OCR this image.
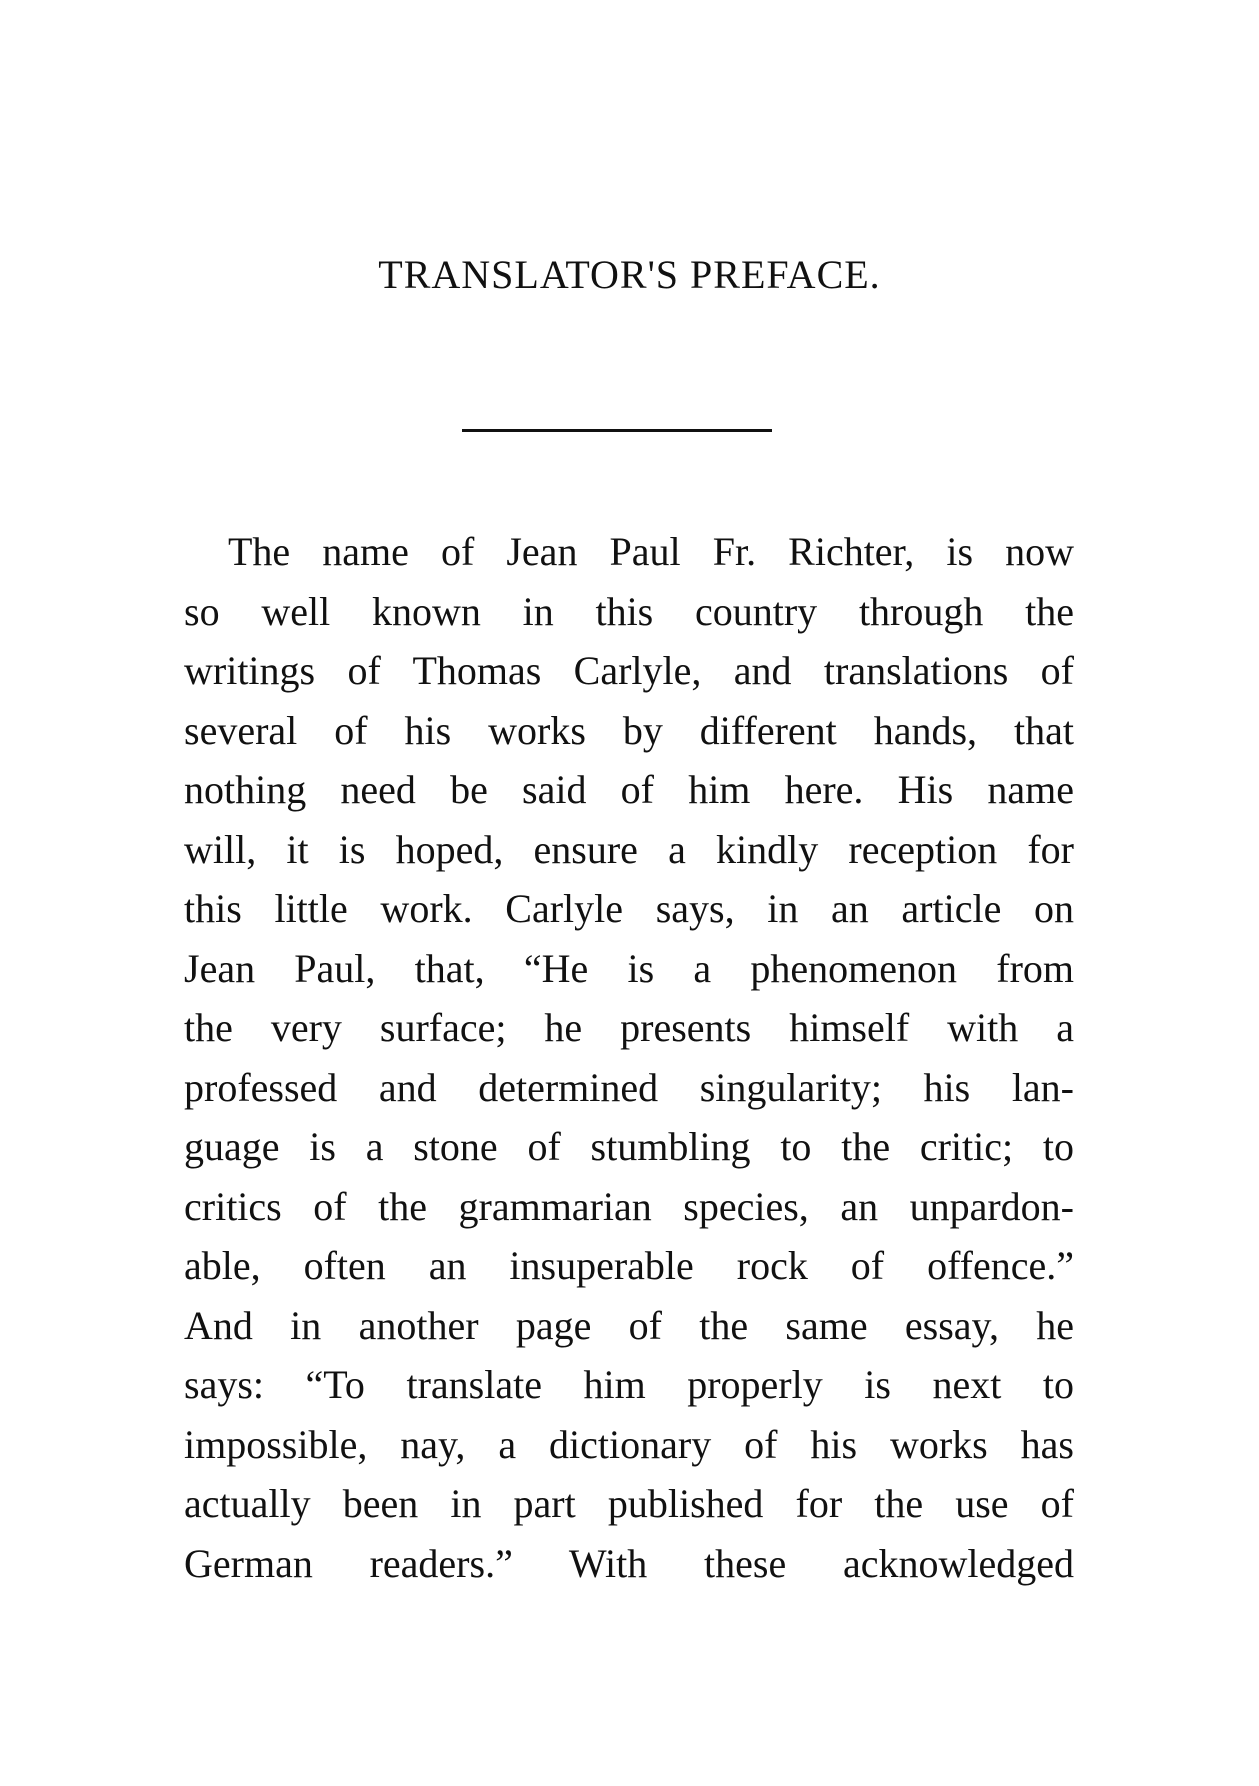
TRANSLATOR'S PREFACE.
The name of Jean Paul Fr. Richter, is now
so well known in this country through the
writings of Thomas Carlyle, and translations of
several of his works by different hands, that
nothing need be said of him here. His name
will, it is hoped, ensure a kindly reception for
this little work. Carlyle says, in an article on
Jean Paul, that, “He is a phenomenon from
the very surface; he presents himself with a
professed and determined singularity; his lan-
guage is a stone of stumbling to the critic; to
critics of the grammarian species, an unpardon-
able, often an insuperable rock of offence.”
And in another page of the same essay, he
says: “To translate him properly is next to
impossible, nay, a dictionary of his works has
actually been in part published for the use of
German readers.” With these acknowledged
